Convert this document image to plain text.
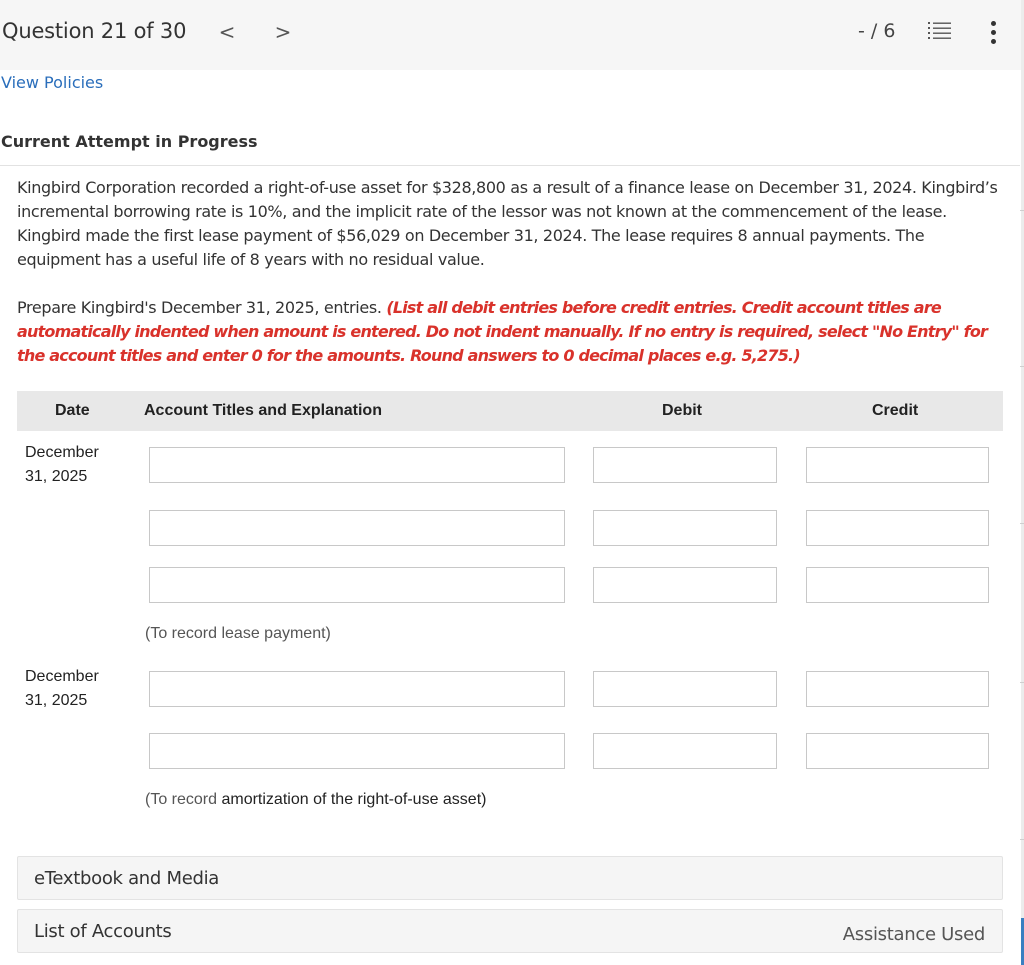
Question 21 of 30	<	>	- / 6
View Policies
Current Attempt in Progress

Kingbird Corporation recorded a right-of-use asset for $328,800 as a result of a finance lease on December 31, 2024. Kingbird’s incremental borrowing rate is 10%, and the implicit rate of the lessor was not known at the commencement of the lease. Kingbird made the first lease payment of $56,029 on December 31, 2024. The lease requires 8 annual payments. The equipment has a useful life of 8 years with no residual value.

Prepare Kingbird's December 31, 2025, entries. (List all debit entries before credit entries. Credit account titles are automatically indented when amount is entered. Do not indent manually. If no entry is required, select "No Entry" for the account titles and enter 0 for the amounts. Round answers to 0 decimal places e.g. 5,275.)

Date	Account Titles and Explanation	Debit	Credit
December
31, 2025
(To record lease payment)
December
31, 2025
(To record amortization of the right-of-use asset)
eTextbook and Media
List of Accounts	Assistance Used
